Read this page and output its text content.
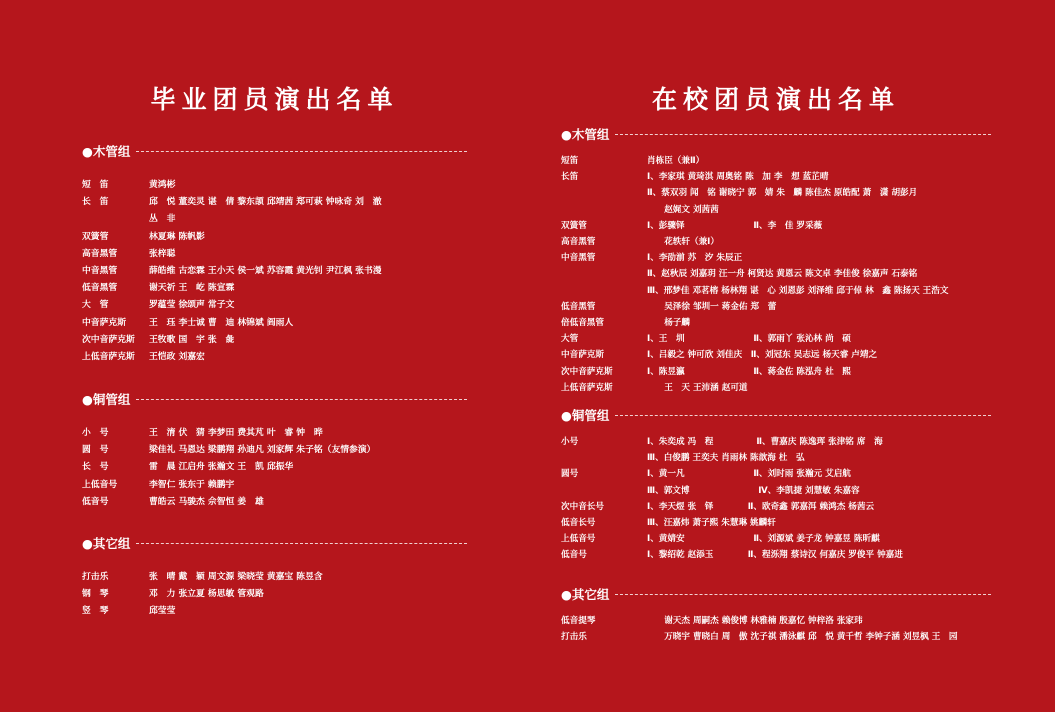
毕业团员演出名单
●木管组
短　笛	黄鸿彬
长　笛	邱　悦 董奕灵 谌　倩 黎东颉 邱靖茜 郑可萩 钟咏奇 刘　澈
丛　非
双簧管	林夏琳 陈帆影
高音黑管	张梓聪
中音黑管	薛皓维 古恋霖 王小天 侯一斌 苏容霞 黄光钊 尹江枫 张书漫
低音黑管	谢天祈 王　屹 陈宣霖
大　管	罗蕴莹 徐颂声 常子文
中音萨克斯	王　珏 李士诚 曹　迪 林锦斌 阎雨人
次中音萨克斯	王牧歌 国　宇 张　彘
上低音萨克斯	王恺政 刘嘉宏
●铜管组
小　号	王　淯 伏　猜 李梦田 费其芃 叶　睿 钟　晔
圆　号	梁佳礼 马恩达 梁鹏翔 孙迪凡 刘家辉 朱子铭（友情参演）
长　号	雷　晨 江启舟 张瀚文 王　凯 邱振华
上低音号	李智仁 张东于 赖鹏宇
低音号	曹皓云 马骏杰 佘智恒 姜　雄
●其它组
打击乐	张　晴 戴　颖 周文源 梁晓莹 黄嘉宝 陈昱含
钢　琴	邓　力 张立夏 杨思敏 管观路
竖　琴	邱莹莹
在校团员演出名单
●木管组
短笛	肖栋臣（兼Ⅱ）
长笛	Ⅰ、李家琪 黄琦淇 周奥铭 陈　加 李　想 蓝芷晴
Ⅱ、蔡双羽 闻　铭 谢晓宁 郭　婧 朱　麟 陈佳杰 原皓配 萧　潇 胡彭月
　　赵娓文 刘茜茜
双簧管	Ⅰ、彭骤铎　　　　　　　　Ⅱ、李　佳 罗采薇
高音黑管	　　花轶轩（兼Ⅰ）
中音黑管	Ⅰ、李劭湔 苏　汐 朱辰正
Ⅱ、赵秋辰 刘嘉玥 汪一舟 柯贤达 黄恩云 陈文卓 李佳俊 徐嘉声 石泰铭
Ⅲ、邢梦佳 邓茗榕 杨林翔 谌　心 刘恩彭 刘泽维 邱于倬 林　鑫 陈扬天 王浩文
低音黑管	　　吴泽徐 邹圳一 蒋金佑 郑　蕾
倍低音黑管	　　杨子麟
大管	Ⅰ、王　圳　　　　　　　　Ⅱ、郭雨丫 张沁林 尚　硕
中音萨克斯	Ⅰ、吕毅之 钟可欣 刘佳庆　Ⅱ、刘冠东 吴志远 杨天睿 卢靖之
次中音萨克斯	Ⅰ、陈昱瀛　　　　　　　　Ⅱ、蒋金佐 陈泓舟 杜　熙
上低音萨克斯	　　王　天 王沛涵 赵可道
●铜管组
小号	Ⅰ、朱奕成 冯　程　　　　　Ⅱ、曹嘉庆 陈逸珲 张津铭 席　海
Ⅲ、白俊鹏 王奕夫 肖雨林 陈歆海 杜　弘
圆号	Ⅰ、黄一凡　　　　　　　　Ⅱ、刘时雨 张瀚元 艾启航
Ⅲ、郭文博　　　　　　　　Ⅳ、李凯捷 刘慧敏 朱嘉容
次中音长号	Ⅰ、李天煜 张　铎　　　　Ⅱ、欧奇鑫 郭嘉洱 赖鸿杰 杨茜云
低音长号	Ⅲ、汪嘉炜 萧子熙 朱慧琳 姚麟轩
上低音号	Ⅰ、黄婧安　　　　　　　　Ⅱ、刘源斌 姜子龙 钟嘉昱 陈昕麒
低音号	Ⅰ、黎绍乾 赵添玉　　　　Ⅱ、程泺翔 蔡诗汉 何嘉庆 罗俊平 钟嘉进
●其它组
低音提琴	　　谢天杰 周嗣杰 赖俊博 林雅楠 殷嘉忆 钟梓洛 张家玮
打击乐	　　万晓宇 曹晓白 周　傲 沈子祺 潘泳麒 邱　悦 黄千哲 李钟子涵 刘昱枫 王　园
